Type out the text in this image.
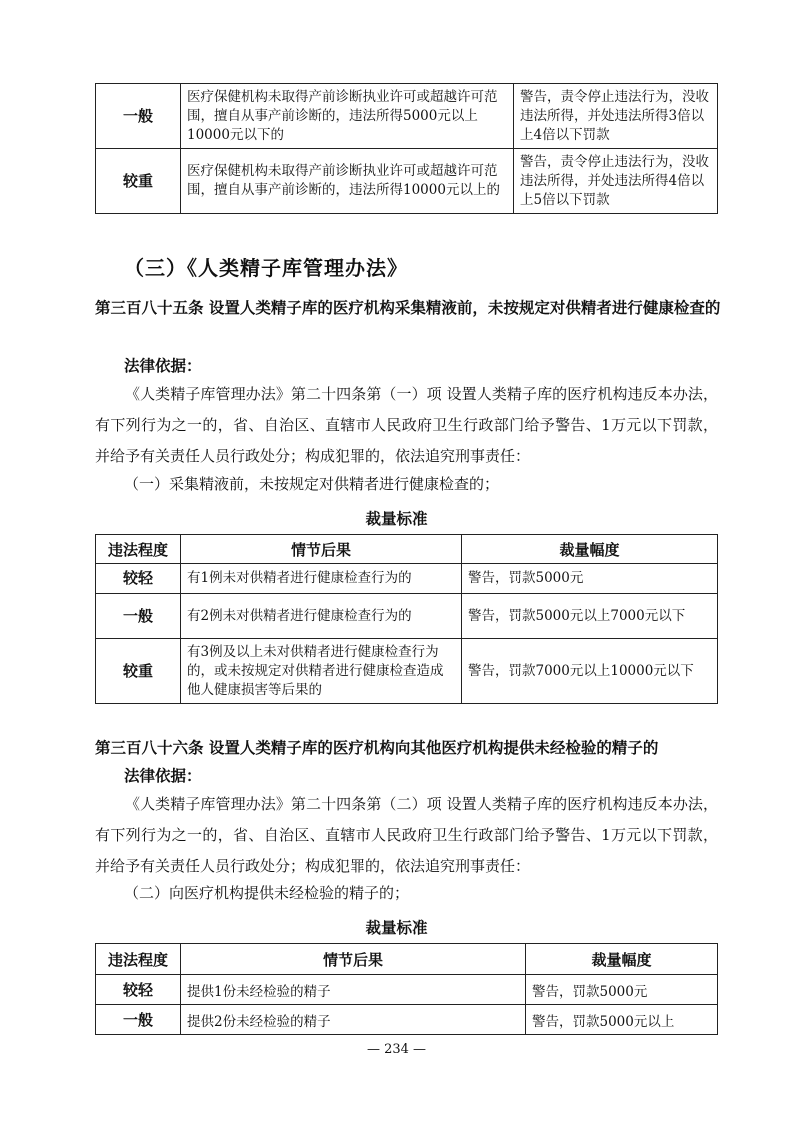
一般	医疗保健机构未取得产前诊断执业许可或超越许可范围，擅自从事产前诊断的，违法所得5000元以上10000元以下的	警告，责令停止违法行为，没收违法所得，并处违法所得3倍以上4倍以下罚款
较重	医疗保健机构未取得产前诊断执业许可或超越许可范围，擅自从事产前诊断的，违法所得10000元以上的	警告，责令停止违法行为，没收违法所得，并处违法所得4倍以上5倍以下罚款
（三）《人类精子库管理办法》
第三百八十五条 设置人类精子库的医疗机构采集精液前，未按规定对供精者进行健康检查的
法律依据：
《人类精子库管理办法》第二十四条第（一）项 设置人类精子库的医疗机构违反本办法，有下列行为之一的，省、自治区、直辖市人民政府卫生行政部门给予警告、1万元以下罚款，并给予有关责任人员行政处分；构成犯罪的，依法追究刑事责任：
（一）采集精液前，未按规定对供精者进行健康检查的；
裁量标准
违法程度	情节后果	裁量幅度
较轻	有1例未对供精者进行健康检查行为的	警告，罚款5000元
一般	有2例未对供精者进行健康检查行为的	警告，罚款5000元以上7000元以下
较重	有3例及以上未对供精者进行健康检查行为的，或未按规定对供精者进行健康检查造成他人健康损害等后果的	警告，罚款7000元以上10000元以下
第三百八十六条 设置人类精子库的医疗机构向其他医疗机构提供未经检验的精子的
法律依据：
《人类精子库管理办法》第二十四条第（二）项 设置人类精子库的医疗机构违反本办法，有下列行为之一的，省、自治区、直辖市人民政府卫生行政部门给予警告、1万元以下罚款，并给予有关责任人员行政处分；构成犯罪的，依法追究刑事责任：
（二）向医疗机构提供未经检验的精子的；
裁量标准
违法程度	情节后果	裁量幅度
较轻	提供1份未经检验的精子	警告，罚款5000元
一般	提供2份未经检验的精子	警告，罚款5000元以上
— 234 —
